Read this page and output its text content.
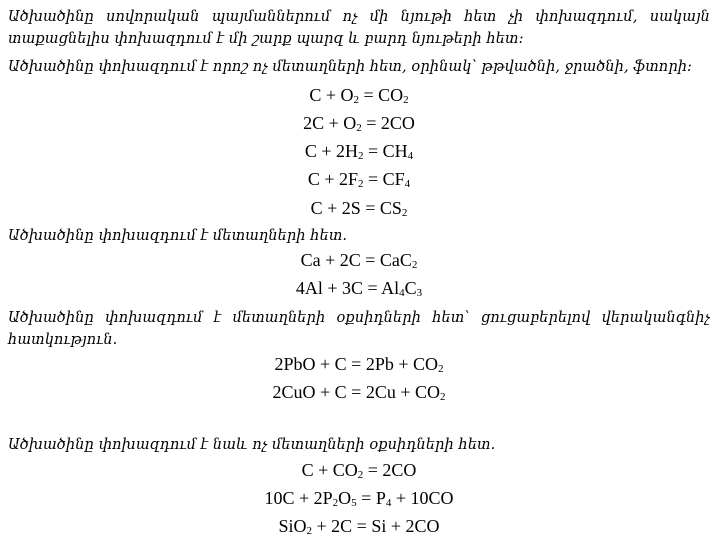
Ածխածինը սովորական պայմաններում ոչ մի նյութի հետ չի փոխազդում, սակայն
տաքացնելիս փոխազդում է մի շարք պարզ և բարդ նյութերի հետ:
Ածխածինը փոխազդում է որոշ ոչ մետաղների հետ, օրինակ՝ թթվածնի, ջրածնի, ֆտորի:
$C + O_2 = CO_2$
$2C + O_2 = 2CO$
$C + 2H_2 = CH_4$
$C + 2F_2 = CF_4$
$C + 2S = CS_2$
Ածխածինը փոխազդում է մետաղների հետ.
Ca + 2C = CaC$_2$
$4Al + 3C = Al_4C_3$
Ածխածինը փոխազդում է մետաղների օքսիդների հետ՝ ցուցաբերելով վերականգնիչ
հատկություն.
$2PbO + C = 2Pb + CO_2$
$2CuO + C = 2Cu + CO_2$
Ածխածինը փոխազդում է նաև ոչ մետաղների օքսիդների հետ.
$C + CO_2 = 2CO$
$10C + 2P_2O_5 = P_4 + 10CO$
SiO$_2$ + 2C = Si + 2CO
